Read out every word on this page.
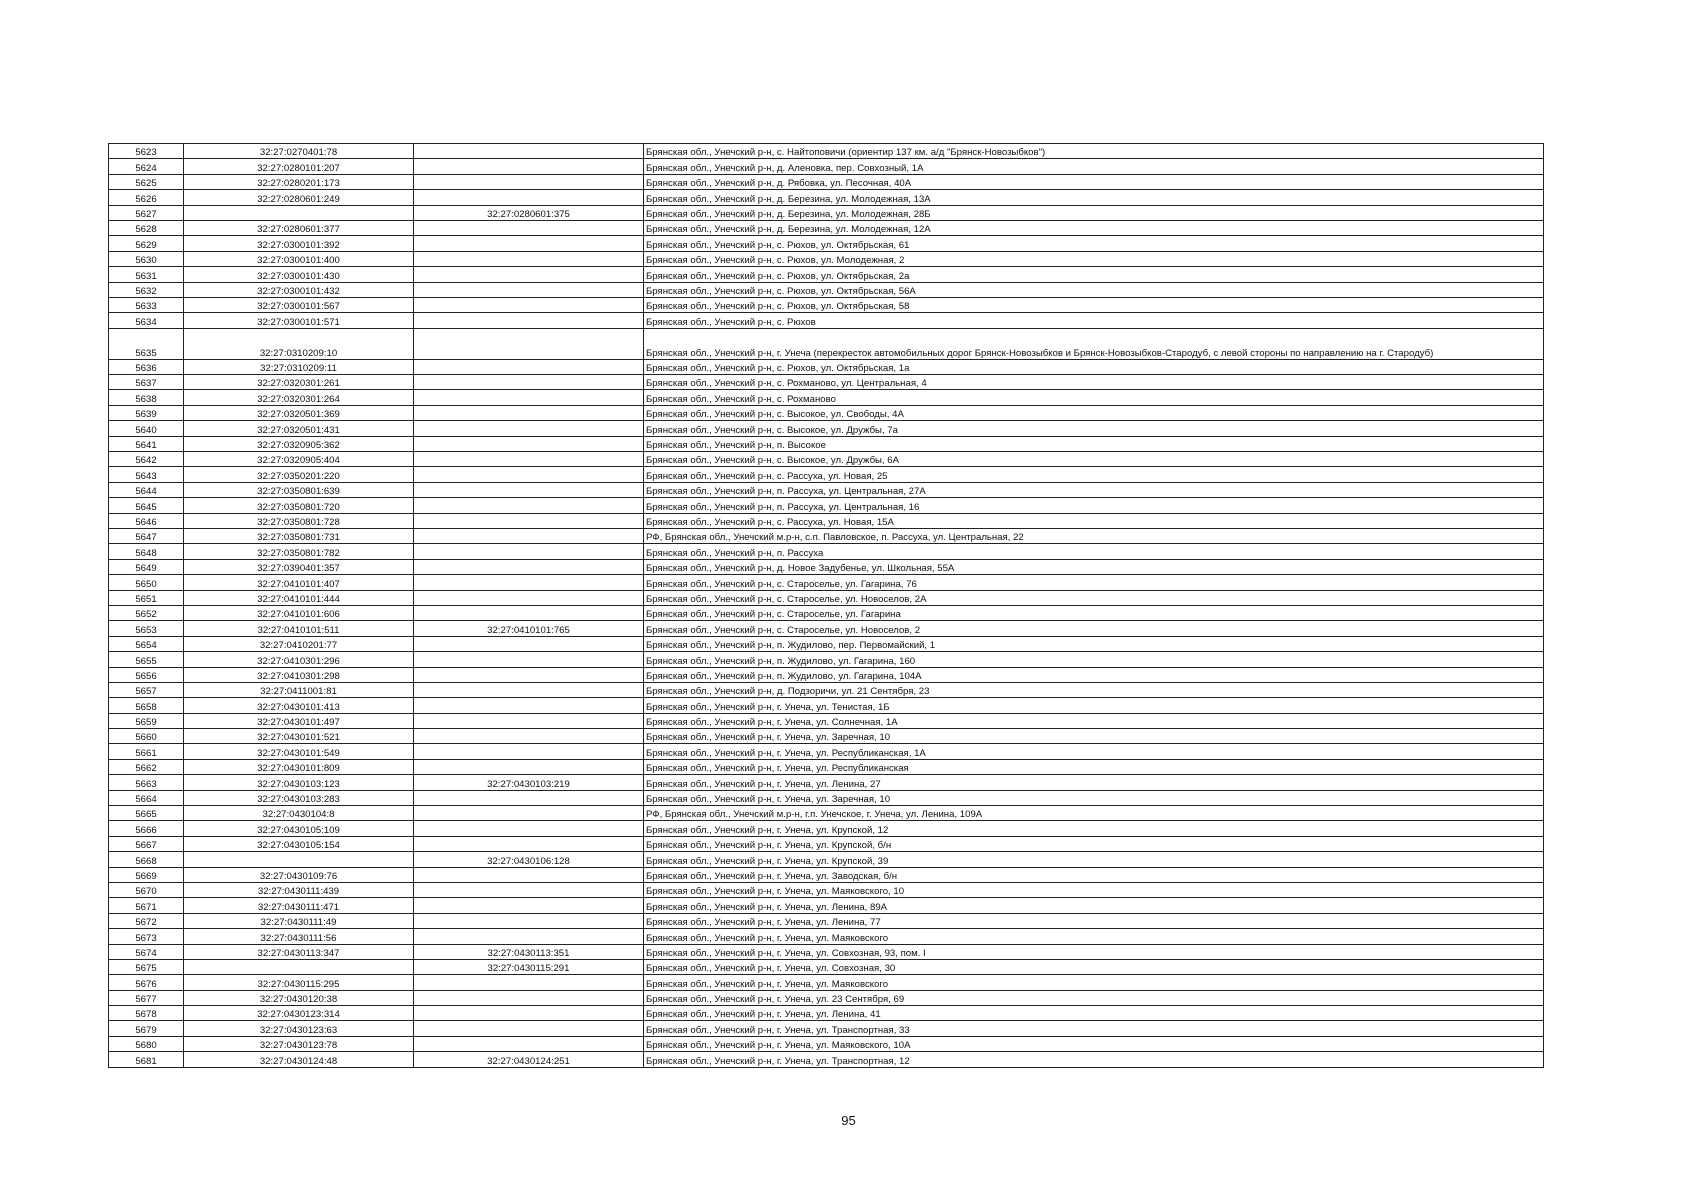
5623	32:27:0270401:78		Брянская обл., Унечский р-н, с. Найтоповичи (ориентир 137 км. а/д "Брянск-Новозыбков")
5624	32:27:0280101:207		Брянская обл., Унечский р-н, д. Аленовка, пер. Совхозный, 1А
5625	32:27:0280201:173		Брянская обл., Унечский р-н, д. Рябовка, ул. Песочная, 40А
5626	32:27:0280601:249		Брянская обл., Унечский р-н, д. Березина, ул. Молодежная, 13А
5627		32:27:0280601:375	Брянская обл., Унечский р-н, д. Березина, ул. Молодежная, 28Б
5628	32:27:0280601:377		Брянская обл., Унечский р-н, д. Березина, ул. Молодежная, 12А
5629	32:27:0300101:392		Брянская обл., Унечский р-н, с. Рюхов, ул. Октябрьская, 61
5630	32:27:0300101:400		Брянская обл., Унечский р-н, с. Рюхов, ул. Молодежная, 2
5631	32:27:0300101:430		Брянская обл., Унечский р-н, с. Рюхов, ул. Октябрьская, 2а
5632	32:27:0300101:432		Брянская обл., Унечский р-н, с. Рюхов, ул. Октябрьская, 56А
5633	32:27:0300101:567		Брянская обл., Унечский р-н, с. Рюхов, ул. Октябрьская, 58
5634	32:27:0300101:571		Брянская обл., Унечский р-н, с. Рюхов
5635	32:27:0310209:10		Брянская обл., Унечский р-н, г. Унеча (перекресток автомобильных дорог Брянск-Новозыбков и Брянск-Новозыбков-Стародуб, с левой стороны по направлению на г. Стародуб)
5636	32:27:0310209:11		Брянская обл., Унечский р-н, с. Рюхов, ул. Октябрьская, 1а
5637	32:27:0320301:261		Брянская обл., Унечский р-н, с. Рохманово, ул. Центральная, 4
5638	32:27:0320301:264		Брянская обл., Унечский р-н, с. Рохманово
5639	32:27:0320501:369		Брянская обл., Унечский р-н, с. Высокое, ул. Свободы, 4А
5640	32:27:0320501:431		Брянская обл., Унечский р-н, с. Высокое, ул. Дружбы, 7а
5641	32:27:0320905:362		Брянская обл., Унечский р-н, п. Высокое
5642	32:27:0320905:404		Брянская обл., Унечский р-н, с. Высокое, ул. Дружбы, 6А
5643	32:27:0350201:220		Брянская обл., Унечский р-н, с. Рассуха, ул. Новая, 25
5644	32:27:0350801:639		Брянская обл., Унечский р-н, п. Рассуха, ул. Центральная, 27А
5645	32:27:0350801:720		Брянская обл., Унечский р-н, п. Рассуха, ул. Центральная, 16
5646	32:27:0350801:728		Брянская обл., Унечский р-н, с. Рассуха, ул. Новая, 15А
5647	32:27:0350801:731		РФ, Брянская обл., Унечский м.р-н, с.п. Павловское, п. Рассуха, ул. Центральная, 22
5648	32:27:0350801:782		Брянская обл., Унечский р-н, п. Рассуха
5649	32:27:0390401:357		Брянская обл., Унечский р-н, д. Новое Задубенье, ул. Школьная, 55А
5650	32:27:0410101:407		Брянская обл., Унечский р-н, с. Староселье, ул. Гагарина, 76
5651	32:27:0410101:444		Брянская обл., Унечский р-н, с. Староселье, ул. Новоселов, 2А
5652	32:27:0410101:606		Брянская обл., Унечский р-н, с. Староселье, ул. Гагарина
5653	32:27:0410101:511	32:27:0410101:765	Брянская обл., Унечский р-н, с. Староселье, ул. Новоселов, 2
5654	32:27:0410201:77		Брянская обл., Унечский р-н, п. Жудилово, пер. Первомайский, 1
5655	32:27:0410301:296		Брянская обл., Унечский р-н, п. Жудилово, ул. Гагарина, 160
5656	32:27:0410301:298		Брянская обл., Унечский р-н, п. Жудилово, ул. Гагарина, 104А
5657	32:27:0411001:81		Брянская обл., Унечский р-н, д. Подзоричи, ул. 21 Сентября, 23
5658	32:27:0430101:413		Брянская обл., Унечский р-н, г. Унеча, ул. Тенистая, 1Б
5659	32:27:0430101:497		Брянская обл., Унечский р-н, г. Унеча, ул. Солнечная, 1А
5660	32:27:0430101:521		Брянская обл., Унечский р-н, г. Унеча, ул. Заречная, 10
5661	32:27:0430101:549		Брянская обл., Унечский р-н, г. Унеча, ул. Республиканская, 1А
5662	32:27:0430101:809		Брянская обл., Унечский р-н, г. Унеча, ул. Республиканская
5663	32:27:0430103:123	32:27:0430103:219	Брянская обл., Унечский р-н, г. Унеча, ул. Ленина, 27
5664	32:27:0430103:283		Брянская обл., Унечский р-н, г. Унеча, ул. Заречная, 10
5665	32:27:0430104:8		РФ, Брянская обл., Унечский м.р-н, г.п. Унечское, г. Унеча, ул. Ленина, 109А
5666	32:27:0430105:109		Брянская обл., Унечский р-н, г. Унеча, ул. Крупской, 12
5667	32:27:0430105:154		Брянская обл., Унечский р-н, г. Унеча, ул. Крупской, б/н
5668		32:27:0430106:128	Брянская обл., Унечский р-н, г. Унеча, ул. Крупской, 39
5669	32:27:0430109:76		Брянская обл., Унечский р-н, г. Унеча, ул. Заводская, б/н
5670	32:27:0430111:439		Брянская обл., Унечский р-н, г. Унеча, ул. Маяковского, 10
5671	32:27:0430111:471		Брянская обл., Унечский р-н, г. Унеча, ул. Ленина, 89А
5672	32:27:0430111:49		Брянская обл., Унечский р-н, г. Унеча, ул. Ленина, 77
5673	32:27:0430111:56		Брянская обл., Унечский р-н, г. Унеча, ул. Маяковского
5674	32:27:0430113:347	32:27:0430113:351	Брянская обл., Унечский р-н, г. Унеча, ул. Совхозная, 93, пом. I
5675		32:27:0430115:291	Брянская обл., Унечский р-н, г. Унеча, ул. Совхозная, 30
5676	32:27:0430115:295		Брянская обл., Унечский р-н, г. Унеча, ул. Маяковского
5677	32:27:0430120:38		Брянская обл., Унечский р-н, г. Унеча, ул. 23 Сентября, 69
5678	32:27:0430123:314		Брянская обл., Унечский р-н, г. Унеча, ул. Ленина, 41
5679	32:27:0430123:63		Брянская обл., Унечский р-н, г. Унеча, ул. Транспортная, 33
5680	32:27:0430123:78		Брянская обл., Унечский р-н, г. Унеча, ул. Маяковского, 10А
5681	32:27:0430124:48	32:27:0430124:251	Брянская обл., Унечский р-н, г. Унеча, ул. Транспортная, 12
95
